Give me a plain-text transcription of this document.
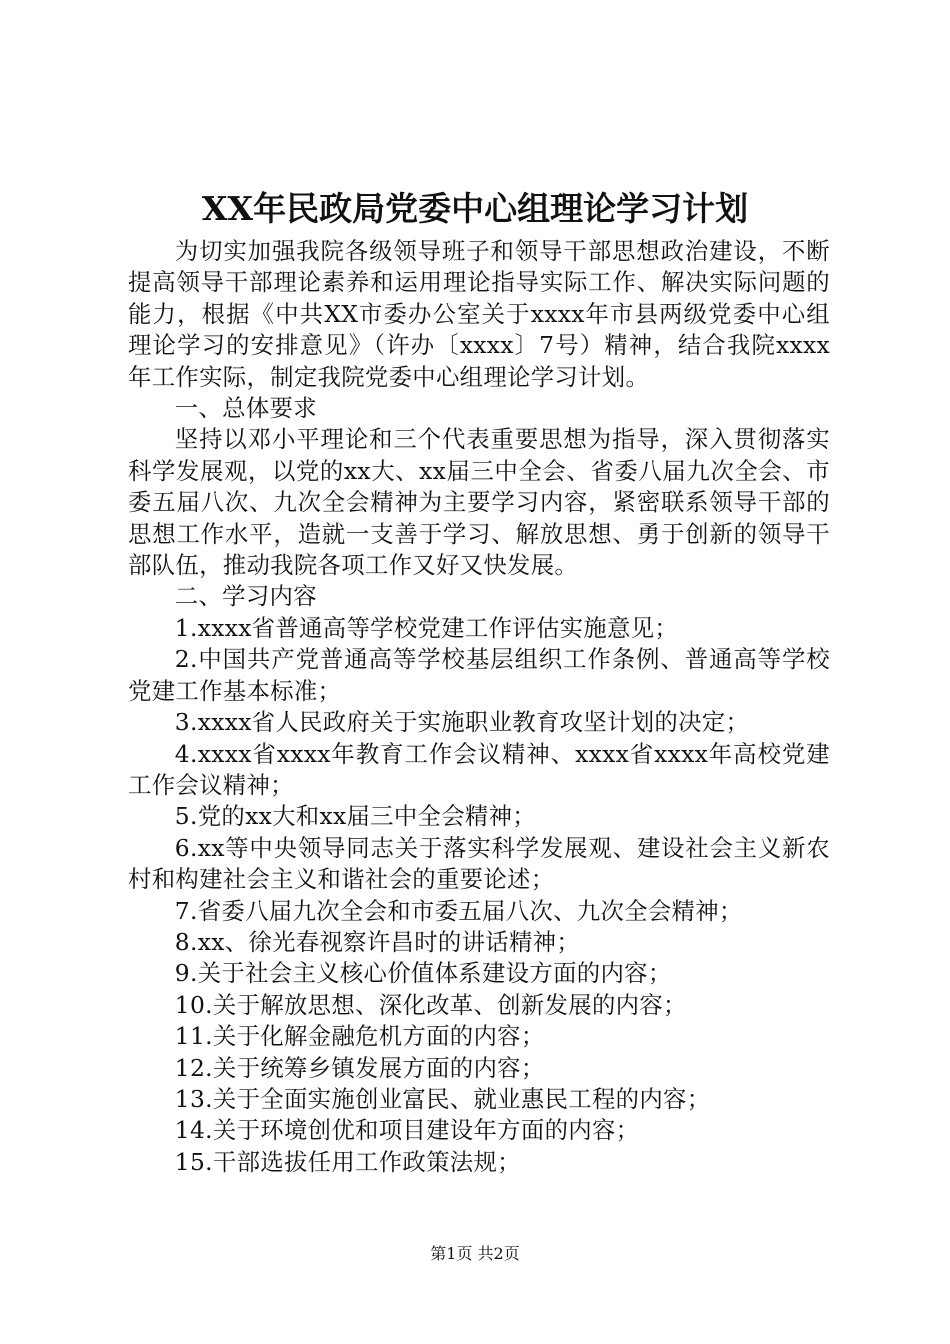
XX年民政局党委中心组理论学习计划

为切实加强我院各级领导班子和领导干部思想政治建设，不断提高领导干部理论素养和运用理论指导实际工作、解决实际问题的能力，根据《中共XX市委办公室关于xxxx年市县两级党委中心组理论学习的安排意见》（许办〔xxxx〕7号）精神，结合我院xxxx年工作实际，制定我院党委中心组理论学习计划。

一、总体要求

坚持以邓小平理论和三个代表重要思想为指导，深入贯彻落实科学发展观，以党的xx大、xx届三中全会、省委八届九次全会、市委五届八次、九次全会精神为主要学习内容，紧密联系领导干部的思想工作水平，造就一支善于学习、解放思想、勇于创新的领导干部队伍，推动我院各项工作又好又快发展。

二、学习内容

1.xxxx省普通高等学校党建工作评估实施意见；

2.中国共产党普通高等学校基层组织工作条例、普通高等学校党建工作基本标准；

3.xxxx省人民政府关于实施职业教育攻坚计划的决定；

4.xxxx省xxxx年教育工作会议精神、xxxx省xxxx年高校党建工作会议精神；

5.党的xx大和xx届三中全会精神；

6.xx等中央领导同志关于落实科学发展观、建设社会主义新农村和构建社会主义和谐社会的重要论述；

7.省委八届九次全会和市委五届八次、九次全会精神；

8.xx、徐光春视察许昌时的讲话精神；

9.关于社会主义核心价值体系建设方面的内容；

10.关于解放思想、深化改革、创新发展的内容；

11.关于化解金融危机方面的内容；

12.关于统筹乡镇发展方面的内容；

13.关于全面实施创业富民、就业惠民工程的内容；

14.关于环境创优和项目建设年方面的内容；

15.干部选拔任用工作政策法规；

第1页 共2页
